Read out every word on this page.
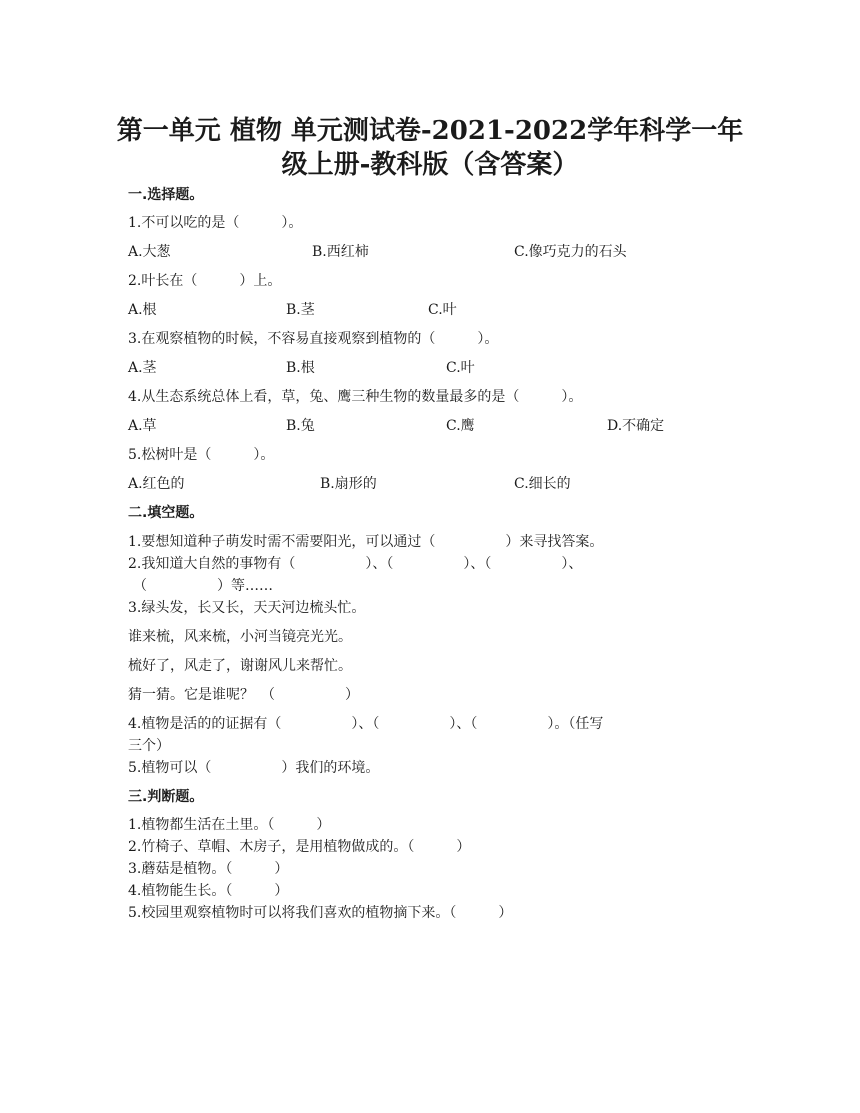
第一单元 植物 单元测试卷-2021-2022学年科学一年
级上册-教科版（含答案）
一.选择题。
1.不可以吃的是（　　　）。
A.大葱	B.西红柿	C.像巧克力的石头
2.叶长在（　　　）上。
A.根	B.茎	C.叶
3.在观察植物的时候，不容易直接观察到植物的（　　　）。
A.茎	B.根	C.叶
4.从生态系统总体上看，草，兔、鹰三种生物的数量最多的是（　　　）。
A.草	B.兔	C.鹰	D.不确定
5.松树叶是（　　　）。
A.红色的	B.扇形的	C.细长的
二.填空题。
1.要想知道种子萌发时需不需要阳光，可以通过（　　　　　）来寻找答案。
2.我知道大自然的事物有（　　　　　）、（　　　　　）、（　　　　　）、
（　　　　　）等……
3.绿头发，长又长，天天河边梳头忙。
谁来梳，风来梳，小河当镜亮光光。
梳好了，风走了，谢谢风儿来帮忙。
猜一猜。它是谁呢？　（　　　　　）
4.植物是活的的证据有（　　　　　）、（　　　　　）、（　　　　　）。（任写
三个）
5.植物可以（　　　　　）我们的环境。
三.判断题。
1.植物都生活在土里。（　　　）
2.竹椅子、草帽、木房子，是用植物做成的。（　　　）
3.蘑菇是植物。（　　　）
4.植物能生长。（　　　）
5.校园里观察植物时可以将我们喜欢的植物摘下来。（　　　）
